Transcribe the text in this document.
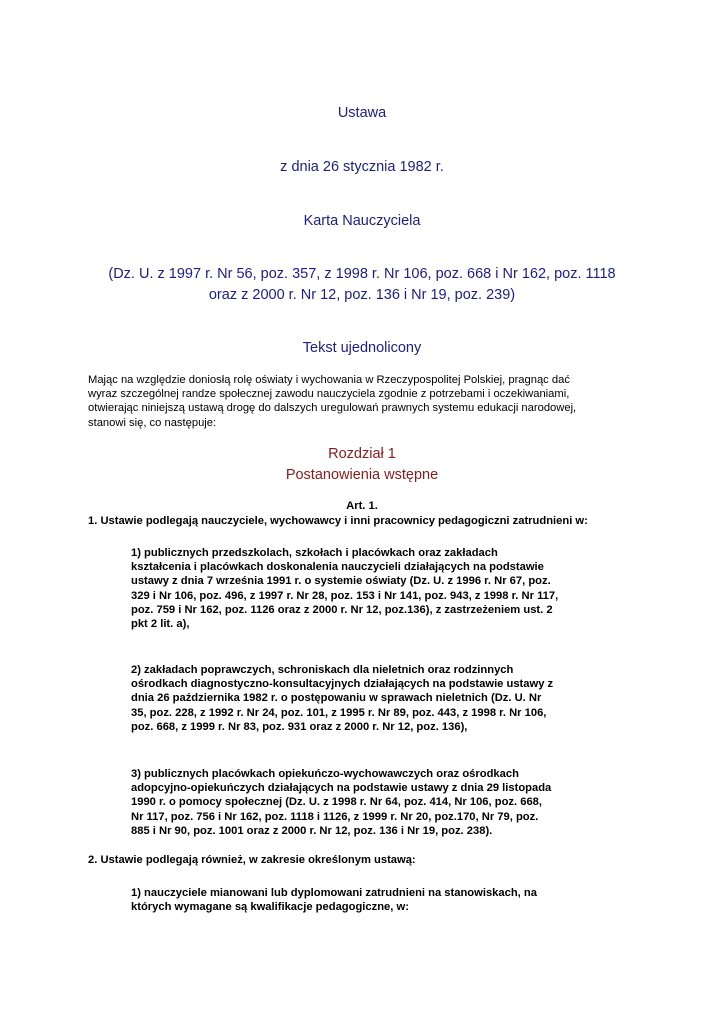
Ustawa

z dnia 26 stycznia 1982 r.

Karta Nauczyciela
(Dz. U. z 1997 r. Nr 56, poz. 357, z 1998 r. Nr 106, poz. 668 i Nr 162, poz. 1118
oraz z 2000 r. Nr 12, poz. 136 i Nr 19, poz. 239)

Tekst ujednolicony

Mając na względzie doniosłą rolę oświaty i wychowania w Rzeczypospolitej Polskiej, pragnąc dać
wyraz szczególnej randze społecznej zawodu nauczyciela zgodnie z potrzebami i oczekiwaniami,
otwierając niniejszą ustawą drogę do dalszych uregulowań prawnych systemu edukacji narodowej,
stanowi się, co następuje:

Rozdział 1
Postanowienia wstępne

Art. 1.

1. Ustawie podlegają nauczyciele, wychowawcy i inni pracownicy pedagogiczni zatrudnieni w:

1) publicznych przedszkolach, szkołach i placówkach oraz zakładach
kształcenia i placówkach doskonalenia nauczycieli działających na podstawie
ustawy z dnia 7 września 1991 r. o systemie oświaty (Dz. U. z 1996 r. Nr 67, poz.
329 i Nr 106, poz. 496, z 1997 r. Nr 28, poz. 153 i Nr 141, poz. 943, z 1998 r. Nr 117,
poz. 759 i Nr 162, poz. 1126 oraz z 2000 r. Nr 12, poz.136), z zastrzeżeniem ust. 2
pkt 2 lit. a),

2) zakładach poprawczych, schroniskach dla nieletnich oraz rodzinnych
ośrodkach diagnostyczno-konsultacyjnych działających na podstawie ustawy z
dnia 26 października 1982 r. o postępowaniu w sprawach nieletnich (Dz. U. Nr
35, poz. 228, z 1992 r. Nr 24, poz. 101, z 1995 r. Nr 89, poz. 443, z 1998 r. Nr 106,
poz. 668, z 1999 r. Nr 83, poz. 931 oraz z 2000 r. Nr 12, poz. 136),

3) publicznych placówkach opiekuńczo-wychowawczych oraz ośrodkach
adopcyjno-opiekuńczych działających na podstawie ustawy z dnia 29 listopada
1990 r. o pomocy społecznej (Dz. U. z 1998 r. Nr 64, poz. 414, Nr 106, poz. 668,
Nr 117, poz. 756 i Nr 162, poz. 1118 i 1126, z 1999 r. Nr 20, poz.170, Nr 79, poz.
885 i Nr 90, poz. 1001 oraz z 2000 r. Nr 12, poz. 136 i Nr 19, poz. 238).

2. Ustawie podlegają również, w zakresie określonym ustawą:

1) nauczyciele mianowani lub dyplomowani zatrudnieni na stanowiskach, na
których wymagane są kwalifikacje pedagogiczne, w:
